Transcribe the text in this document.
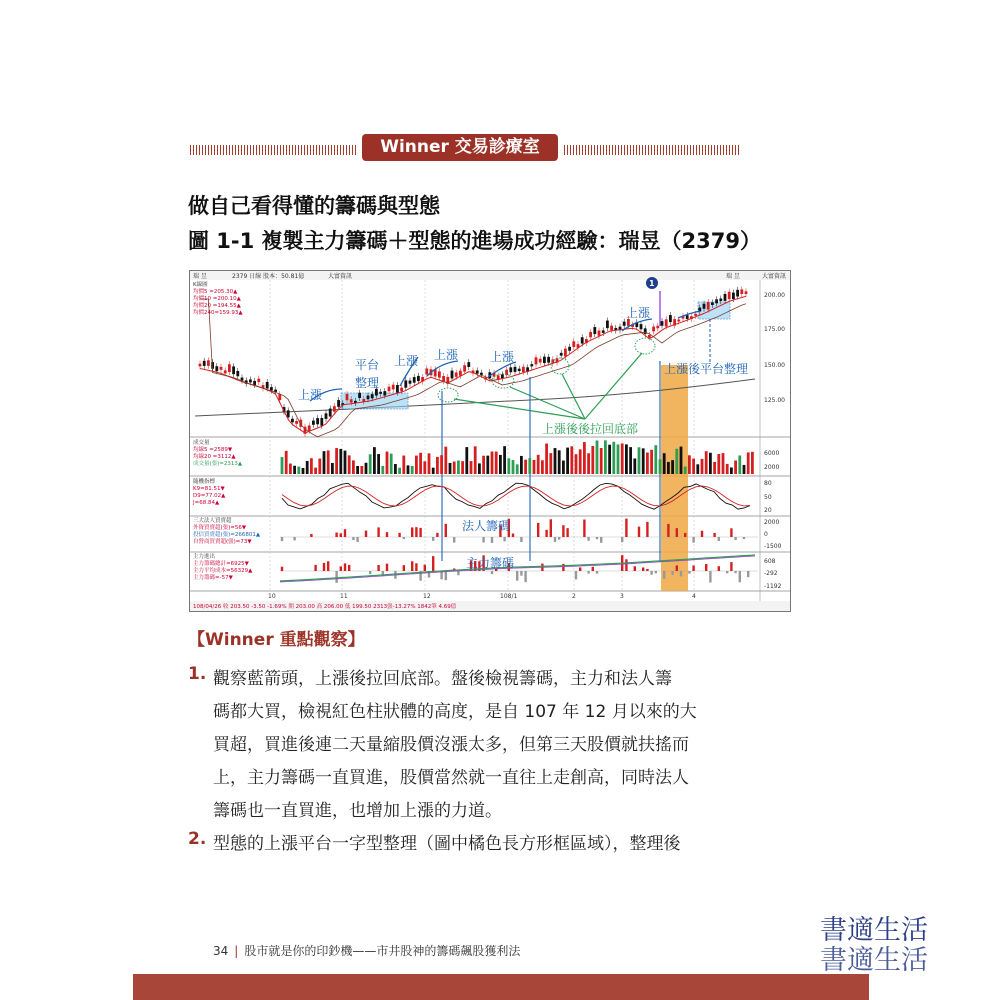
Winner 交易診療室
做自己看得懂的籌碼與型態
圖 1-1 複製主力籌碼＋型態的進場成功經驗：瑞昱（2379）
瑞 昱	2379 日線 股本：50.81億	大富資訊	瑞 昱	大富資訊
K線圖
均價5 =205.30▲
均價10 =200.10▲
均價20 =194.55▲
均價240=159.93▲
200.00
175.00
150.00
125.00
1
上漲
平台
整理
上漲 上漲	上漲
上漲
上漲後平台整理
上漲後後拉回底部
成交量
均線5 =2589▼
均線20 =3112▲
成交量(張)=2313▲
6000
2000
隨機指標
K9=81.51▼
D9=77.02▲
J=68.84▲
80
50
20
三大法人買賣超
外資買賣超(張)=56▼
投信買賣超(張)=266801▲
自營商買賣超(張)=73▼
2000
0
-1500
法人籌碼
主力進出
主力籌碼總計=6925▼
主力平均成本=56329▲
主力籌碼=-57▼
608
-292
-1192
主力籌碼
10	11	12	108/1	2	3	4
108/04/26 收 203.50 -3.50 -1.69% 開 203.00 高 206.00 低 199.50 2313張-13.27% 1842筆 4.69億
【Winner 重點觀察】
1. 觀察藍箭頭，上漲後拉回底部。盤後檢視籌碼，主力和法人籌
碼都大買，檢視紅色柱狀體的高度，是自 107 年 12 月以來的大
買超，買進後連二天量縮股價沒漲太多，但第三天股價就扶搖而
上，主力籌碼一直買進，股價當然就一直往上走創高，同時法人
籌碼也一直買進，也增加上漲的力道。
2. 型態的上漲平台一字型整理（圖中橘色長方形框區域），整理後
34 | 股市就是你的印鈔機——市井股神的籌碼飆股獲利法
書適生活
書適生活
